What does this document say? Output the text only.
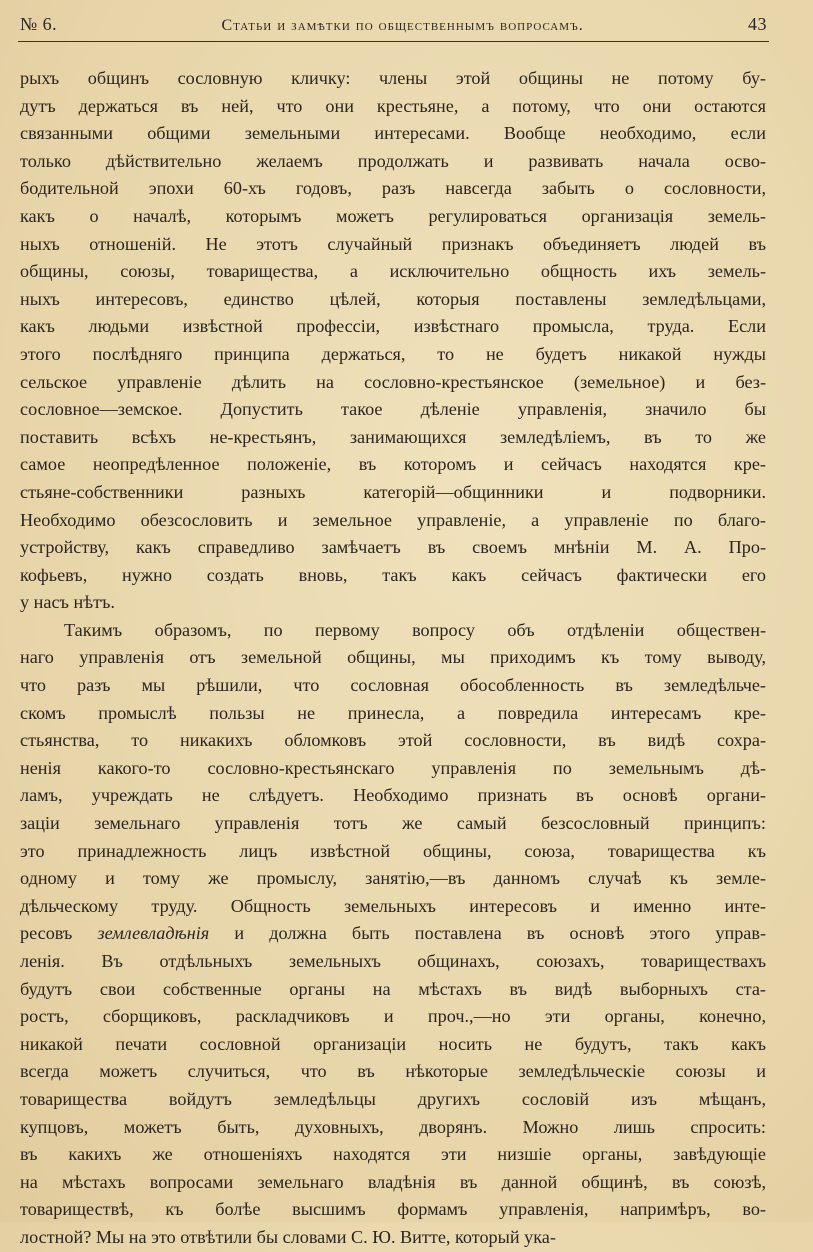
№ 6.	Статьи и замѣтки по общественнымъ вопросамъ.	43
рыхъ общинъ сословную кличку: члены этой общины не потому бу-
дутъ держаться въ ней, что они крестьяне, а потому, что они остаются
связанными общими земельными интересами. Вообще необходимо, если
только дѣйствительно желаемъ продолжать и развивать начала осво-
бодительной эпохи 60-хъ годовъ, разъ навсегда забыть о сословности,
какъ о началѣ, которымъ можетъ регулироваться организація земель-
ныхъ отношеній. Не этотъ случайный признакъ объединяетъ людей въ
общины, союзы, товарищества, а исключительно общность ихъ земель-
ныхъ интересовъ, единство цѣлей, которыя поставлены земледѣльцами,
какъ людьми извѣстной профессіи, извѣстнаго промысла, труда. Если
этого послѣдняго принципа держаться, то не будетъ никакой нужды
сельское управленіе дѣлить на сословно-крестьянское (земельное) и без-
сословное—земское. Допустить такое дѣленіе управленія, значило бы
поставить всѣхъ не-крестьянъ, занимающихся земледѣліемъ, въ то же
самое неопредѣленное положеніе, въ которомъ и сейчасъ находятся кре-
стьяне-собственники разныхъ категорій—общинники и подворники.
Необходимо обезсословить и земельное управленіе, а управленіе по благо-
устройству, какъ справедливо замѣчаетъ въ своемъ мнѣніи М. А. Про-
кофьевъ, нужно создать вновь, такъ какъ сейчасъ фактически его
у насъ нѣтъ.
Такимъ образомъ, по первому вопросу объ отдѣленіи обществен-
наго управленія отъ земельной общины, мы приходимъ къ тому выводу,
что разъ мы рѣшили, что сословная обособленность въ земледѣльче-
скомъ промыслѣ пользы не принесла, а повредила интересамъ кре-
стьянства, то никакихъ обломковъ этой сословности, въ видѣ сохра-
ненія какого-то сословно-крестьянскаго управленія по земельнымъ дѣ-
ламъ, учреждать не слѣдуетъ. Необходимо признать въ основѣ органи-
заціи земельнаго управленія тотъ же самый безсословный принципъ:
это принадлежность лицъ извѣстной общины, союза, товарищества къ
одному и тому же промыслу, занятію,—въ данномъ случаѣ къ земле-
дѣльческому труду. Общность земельныхъ интересовъ и именно инте-
ресовъ землевладѣнія и должна быть поставлена въ основѣ этого управ-
ленія. Въ отдѣльныхъ земельныхъ общинахъ, союзахъ, товариществахъ
будутъ свои собственные органы на мѣстахъ въ видѣ выборныхъ ста-
ростъ, сборщиковъ, раскладчиковъ и проч.,—но эти органы, конечно,
никакой печати сословной организаціи носить не будутъ, такъ какъ
всегда можетъ случиться, что въ нѣкоторые земледѣльческіе союзы и
товарищества войдутъ земледѣльцы другихъ сословій изъ мѣщанъ,
купцовъ, можетъ быть, духовныхъ, дворянъ. Можно лишь спросить:
въ какихъ же отношеніяхъ находятся эти низшіе органы, завѣдующіе
на мѣстахъ вопросами земельнаго владѣнія въ данной общинѣ, въ союзѣ,
товариществѣ, къ болѣе высшимъ формамъ управленія, напримѣръ, во-
лостной? Мы на это отвѣтили бы словами С. Ю. Витте, который ука-
